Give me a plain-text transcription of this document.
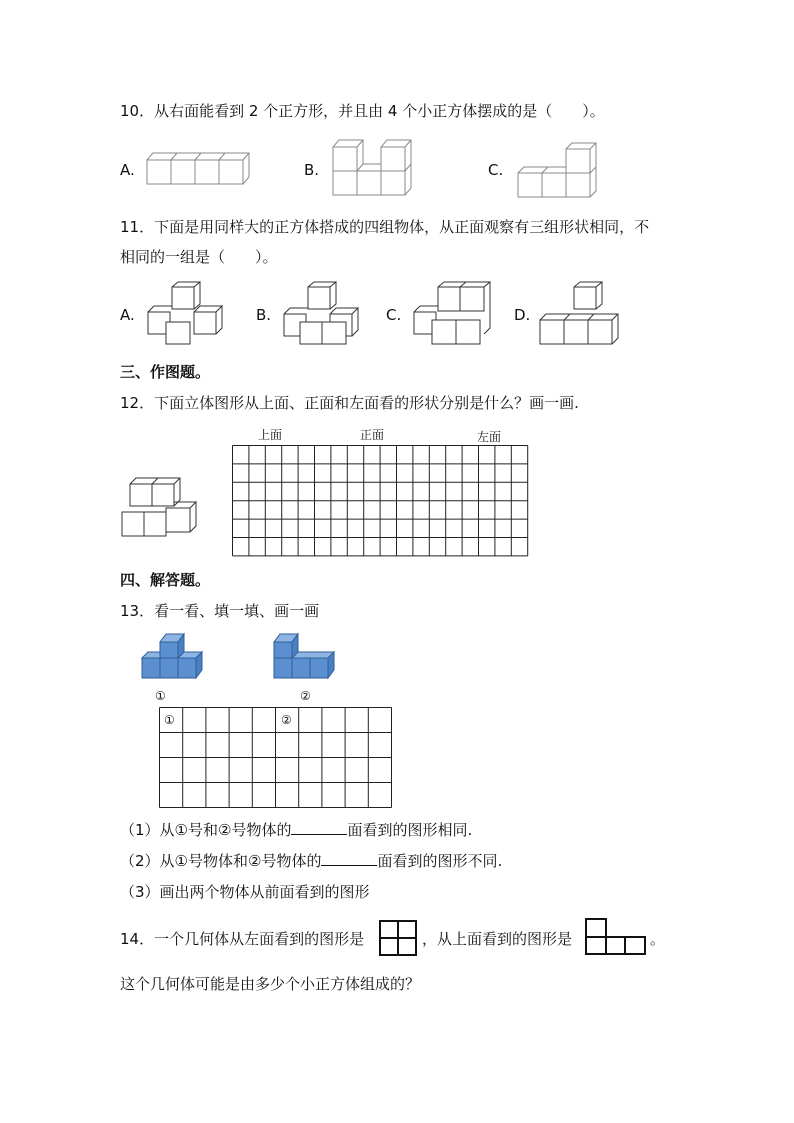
10．从右面能看到 2 个正方形，并且由 4 个小正方体摆成的是（　　）。
A.	B.	C.
11．下面是用同样大的正方体搭成的四组物体，从正面观察有三组形状相同，不
相同的一组是（　　）。
A.	B.	C.	D.
三、作图题。
12．下面立体图形从上面、正面和左面看的形状分别是什么？画一画.
上面	正面	左面
四、解答题。
13．看一看、填一填、画一画
①	②
①	②
（1）从①号和②号物体的	面看到的图形相同.
（2）从①号物体和②号物体的	面看到的图形不同.
（3）画出两个物体从前面看到的图形
14．一个几何体从左面看到的图形是	，从上面看到的图形是	。
这个几何体可能是由多少个小正方体组成的？
